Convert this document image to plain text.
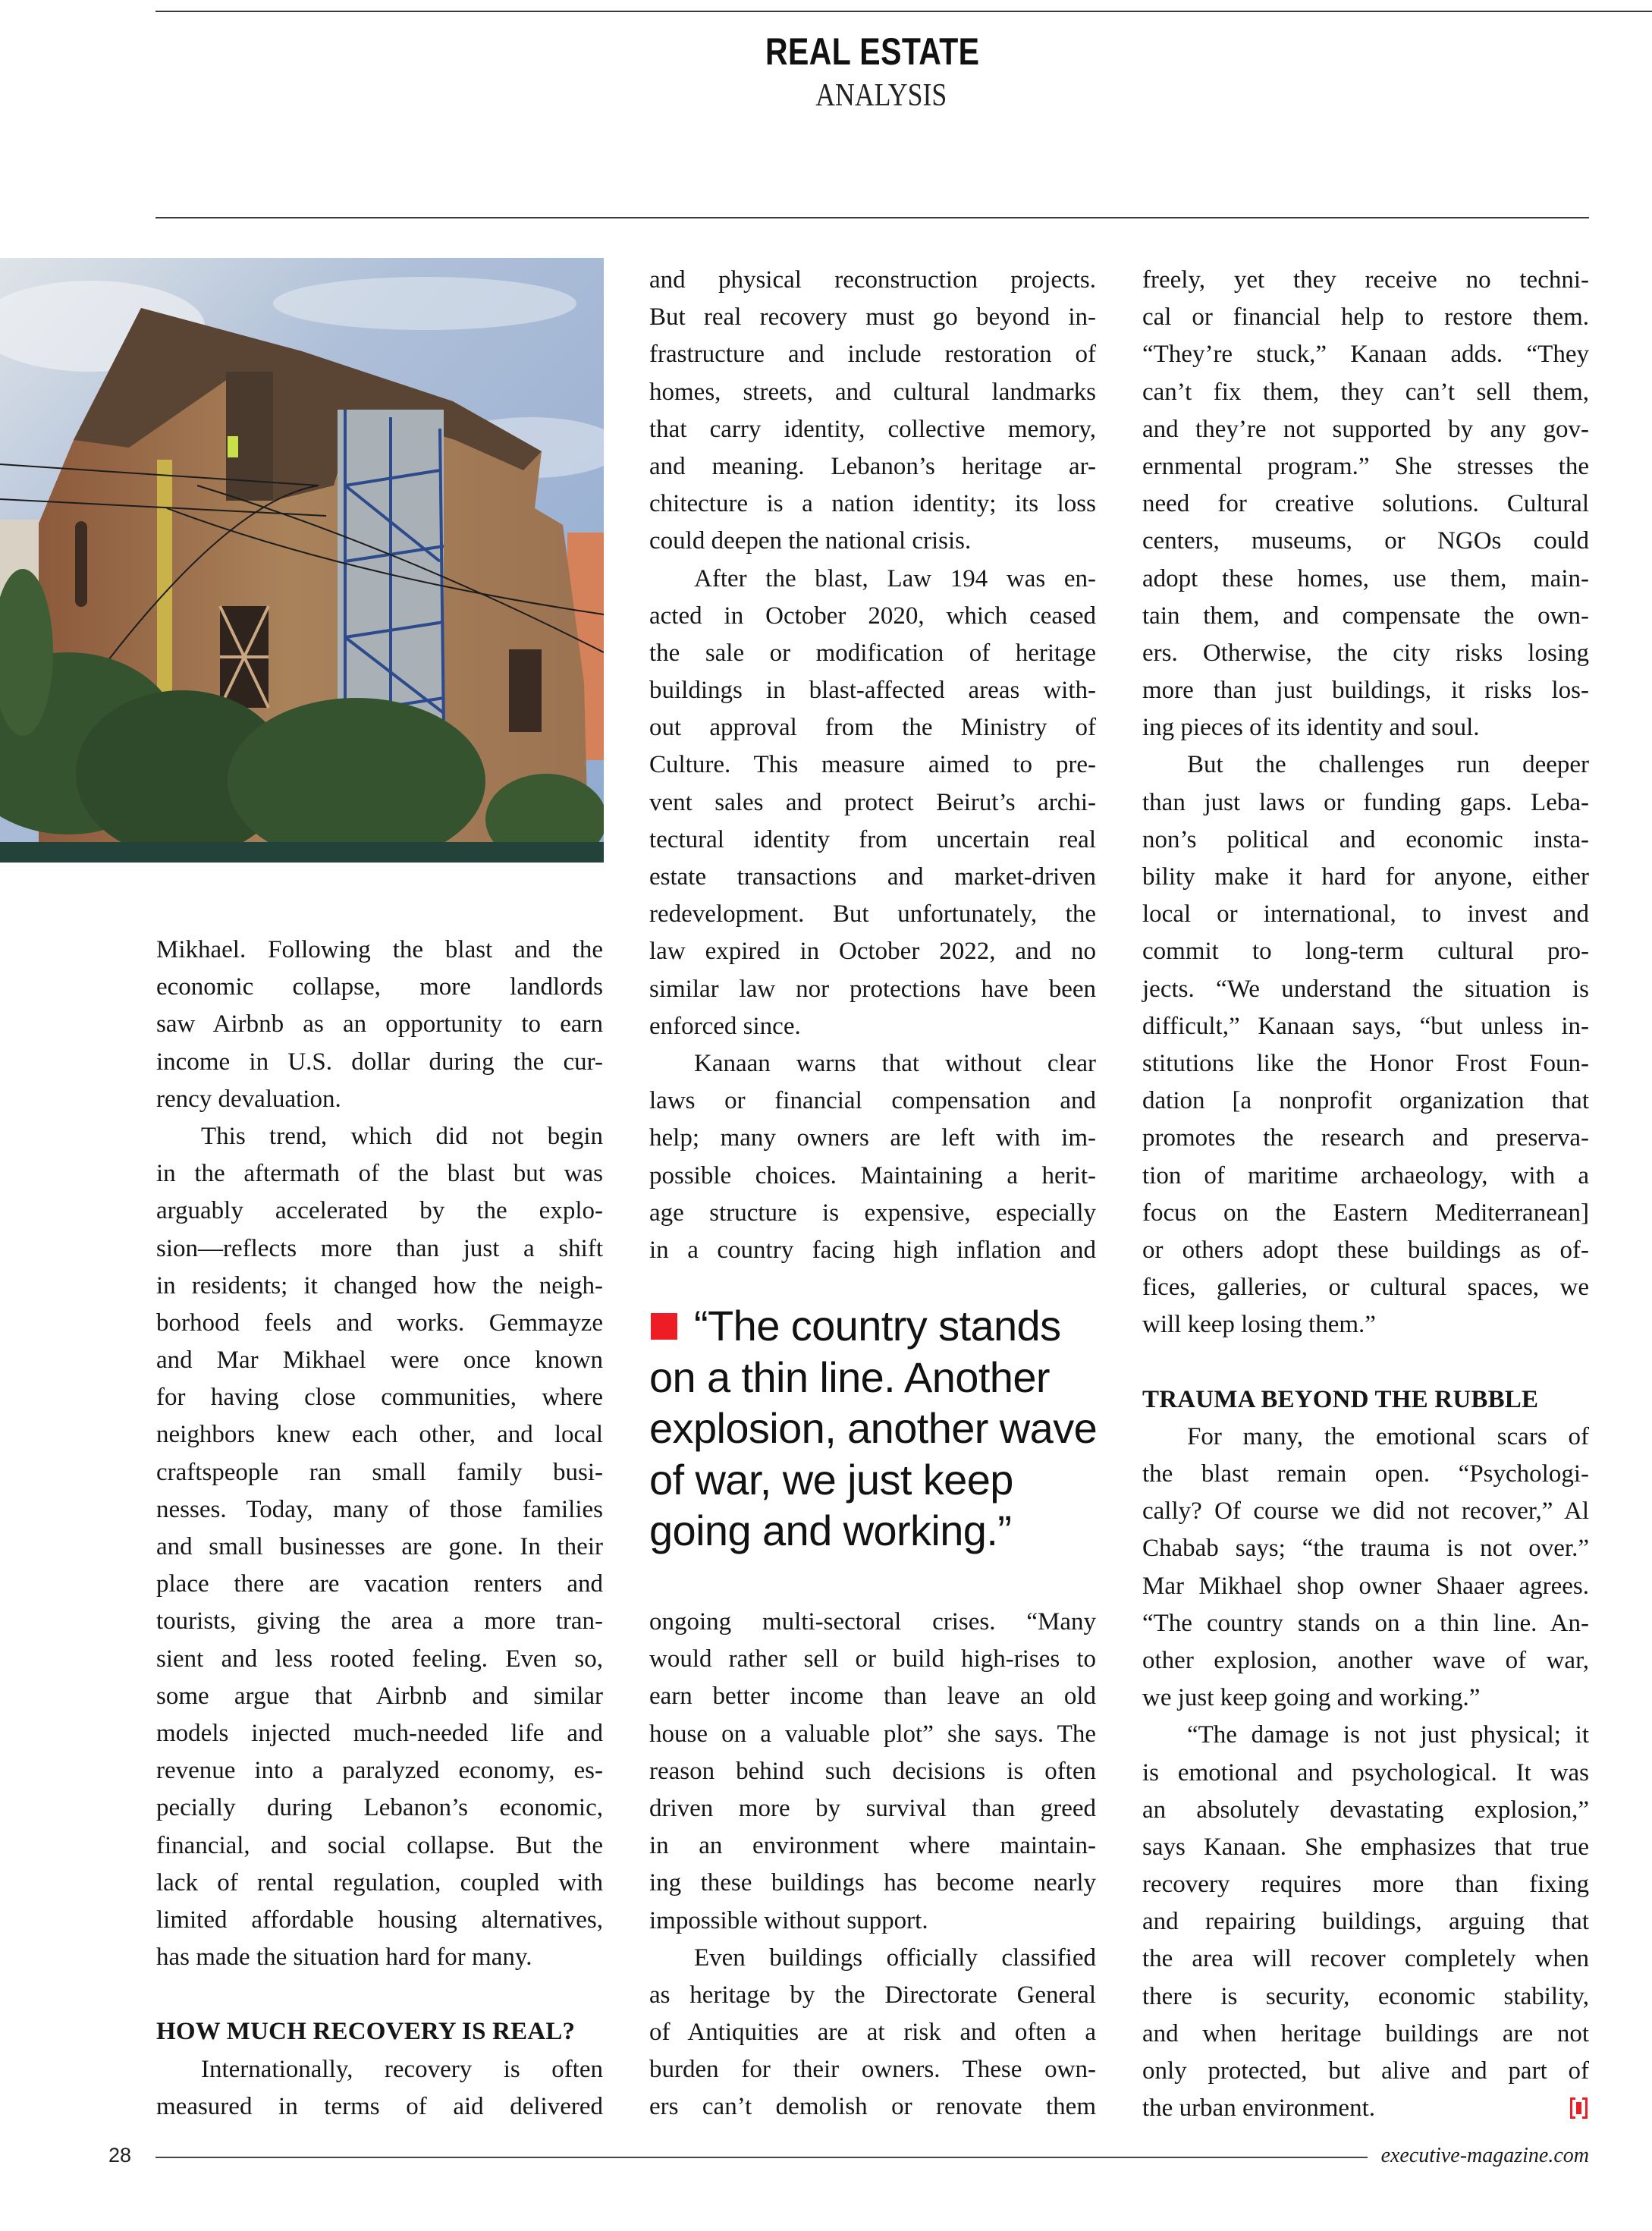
REAL ESTATE
ANALYSIS
Mikhael. Following the blast and the
economic collapse, more landlords
saw Airbnb as an opportunity to earn
income in U.S. dollar during the cur-
rency devaluation.
This trend, which did not begin
in the aftermath of the blast but was
arguably accelerated by the explo-
sion—reflects more than just a shift
in residents; it changed how the neigh-
borhood feels and works. Gemmayze
and Mar Mikhael were once known
for having close communities, where
neighbors knew each other, and local
craftspeople ran small family busi-
nesses. Today, many of those families
and small businesses are gone. In their
place there are vacation renters and
tourists, giving the area a more tran-
sient and less rooted feeling. Even so,
some argue that Airbnb and similar
models injected much-needed life and
revenue into a paralyzed economy, es-
pecially during Lebanon’s economic,
financial, and social collapse. But the
lack of rental regulation, coupled with
limited affordable housing alternatives,
has made the situation hard for many.
HOW MUCH RECOVERY IS REAL?
Internationally, recovery is often
measured in terms of aid delivered
and physical reconstruction projects.
But real recovery must go beyond in-
frastructure and include restoration of
homes, streets, and cultural landmarks
that carry identity, collective memory,
and meaning. Lebanon’s heritage ar-
chitecture is a nation identity; its loss
could deepen the national crisis.
After the blast, Law 194 was en-
acted in October 2020, which ceased
the sale or modification of heritage
buildings in blast-affected areas with-
out approval from the Ministry of
Culture. This measure aimed to pre-
vent sales and protect Beirut’s archi-
tectural identity from uncertain real
estate transactions and market-driven
redevelopment. But unfortunately, the
law expired in October 2022, and no
similar law nor protections have been
enforced since.
Kanaan warns that without clear
laws or financial compensation and
help; many owners are left with im-
possible choices. Maintaining a herit-
age structure is expensive, especially
in a country facing high inflation and
“The country stands
on a thin line. Another
explosion, another wave
of war, we just keep
going and working.”
ongoing multi-sectoral crises. “Many
would rather sell or build high-rises to
earn better income than leave an old
house on a valuable plot” she says. The
reason behind such decisions is often
driven more by survival than greed
in an environment where maintain-
ing these buildings has become nearly
impossible without support.
Even buildings officially classified
as heritage by the Directorate General
of Antiquities are at risk and often a
burden for their owners. These own-
ers can’t demolish or renovate them
freely, yet they receive no techni-
cal or financial help to restore them.
“They’re stuck,” Kanaan adds. “They
can’t fix them, they can’t sell them,
and they’re not supported by any gov-
ernmental program.” She stresses the
need for creative solutions. Cultural
centers, museums, or NGOs could
adopt these homes, use them, main-
tain them, and compensate the own-
ers. Otherwise, the city risks losing
more than just buildings, it risks los-
ing pieces of its identity and soul.
But the challenges run deeper
than just laws or funding gaps. Leba-
non’s political and economic insta-
bility make it hard for anyone, either
local or international, to invest and
commit to long-term cultural pro-
jects. “We understand the situation is
difficult,” Kanaan says, “but unless in-
stitutions like the Honor Frost Foun-
dation [a nonprofit organization that
promotes the research and preserva-
tion of maritime archaeology, with a
focus on the Eastern Mediterranean]
or others adopt these buildings as of-
fices, galleries, or cultural spaces, we
will keep losing them.”
TRAUMA BEYOND THE RUBBLE
For many, the emotional scars of
the blast remain open. “Psychologi-
cally? Of course we did not recover,” Al
Chabab says; “the trauma is not over.”
Mar Mikhael shop owner Shaaer agrees.
“The country stands on a thin line. An-
other explosion, another wave of war,
we just keep going and working.”
“The damage is not just physical; it
is emotional and psychological. It was
an absolutely devastating explosion,”
says Kanaan. She emphasizes that true
recovery requires more than fixing
and repairing buildings, arguing that
the area will recover completely when
there is security, economic stability,
and when heritage buildings are not
only protected, but alive and part of
the urban environment.
28	executive-magazine.com
